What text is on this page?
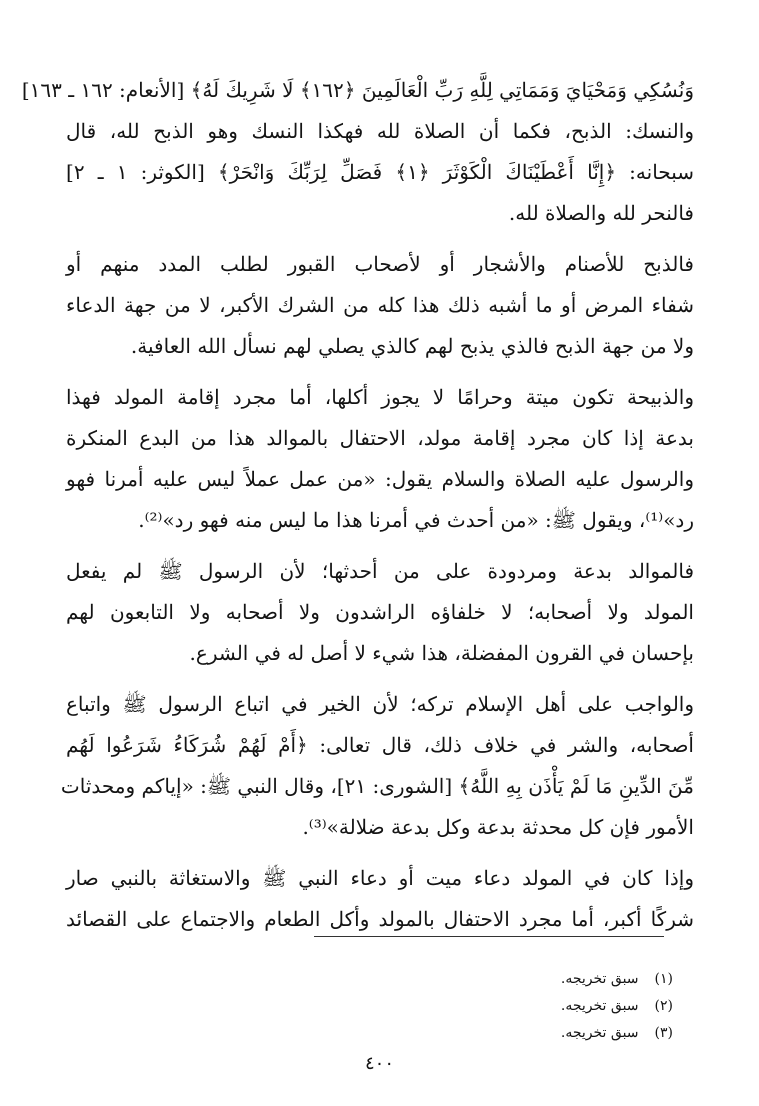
وَنُسُكِي وَمَحْيَايَ وَمَمَاتِي لِلَّهِ رَبِّ الْعَالَمِينَ ﴿١٦٢﴾ لَا شَرِيكَ لَهُ﴾ [الأنعام: ١٦٢ ـ ١٦٣]
والنسك: الذبح، فكما أن الصلاة لله فهكذا النسك وهو الذبح لله، قال
سبحانه: ﴿إِنَّا أَعْطَيْنَاكَ الْكَوْثَرَ ﴿١﴾ فَصَلِّ لِرَبِّكَ وَانْحَرْ﴾ [الكوثر: ١ ـ ٢]
فالنحر لله والصلاة لله.

فالذبح للأصنام والأشجار أو لأصحاب القبور لطلب المدد منهم أو
شفاء المرض أو ما أشبه ذلك هذا كله من الشرك الأكبر، لا من جهة الدعاء
ولا من جهة الذبح فالذي يذبح لهم كالذي يصلي لهم نسأل الله العافية.

والذبيحة تكون ميتة وحرامًا لا يجوز أكلها، أما مجرد إقامة المولد فهذا
بدعة إذا كان مجرد إقامة مولد، الاحتفال بالموالد هذا من البدع المنكرة
والرسول عليه الصلاة والسلام يقول: «من عمل عملاً ليس عليه أمرنا فهو
رد»⁽¹⁾، ويقول ﷺ: «من أحدث في أمرنا هذا ما ليس منه فهو رد»⁽²⁾.

فالموالد بدعة ومردودة على من أحدثها؛ لأن الرسول ﷺ لم يفعل
المولد ولا أصحابه؛ لا خلفاؤه الراشدون ولا أصحابه ولا التابعون لهم
بإحسان في القرون المفضلة، هذا شيء لا أصل له في الشرع.

والواجب على أهل الإسلام تركه؛ لأن الخير في اتباع الرسول ﷺ واتباع
أصحابه، والشر في خلاف ذلك، قال تعالى: ﴿أَمْ لَهُمْ شُرَكَاءُ شَرَعُوا لَهُم
مِّنَ الدِّينِ مَا لَمْ يَأْذَن بِهِ اللَّهُ﴾ [الشورى: ٢١]، وقال النبي ﷺ: «إياكم ومحدثات
الأمور فإن كل محدثة بدعة وكل بدعة ضلالة»⁽³⁾.

وإذا كان في المولد دعاء ميت أو دعاء النبي ﷺ والاستغاثة بالنبي صار
شركًا أكبر، أما مجرد الاحتفال بالمولد وأكل الطعام والاجتماع على القصائد

(١) سبق تخريجه.
(٢) سبق تخريجه.
(٣) سبق تخريجه.
٤٠٠
